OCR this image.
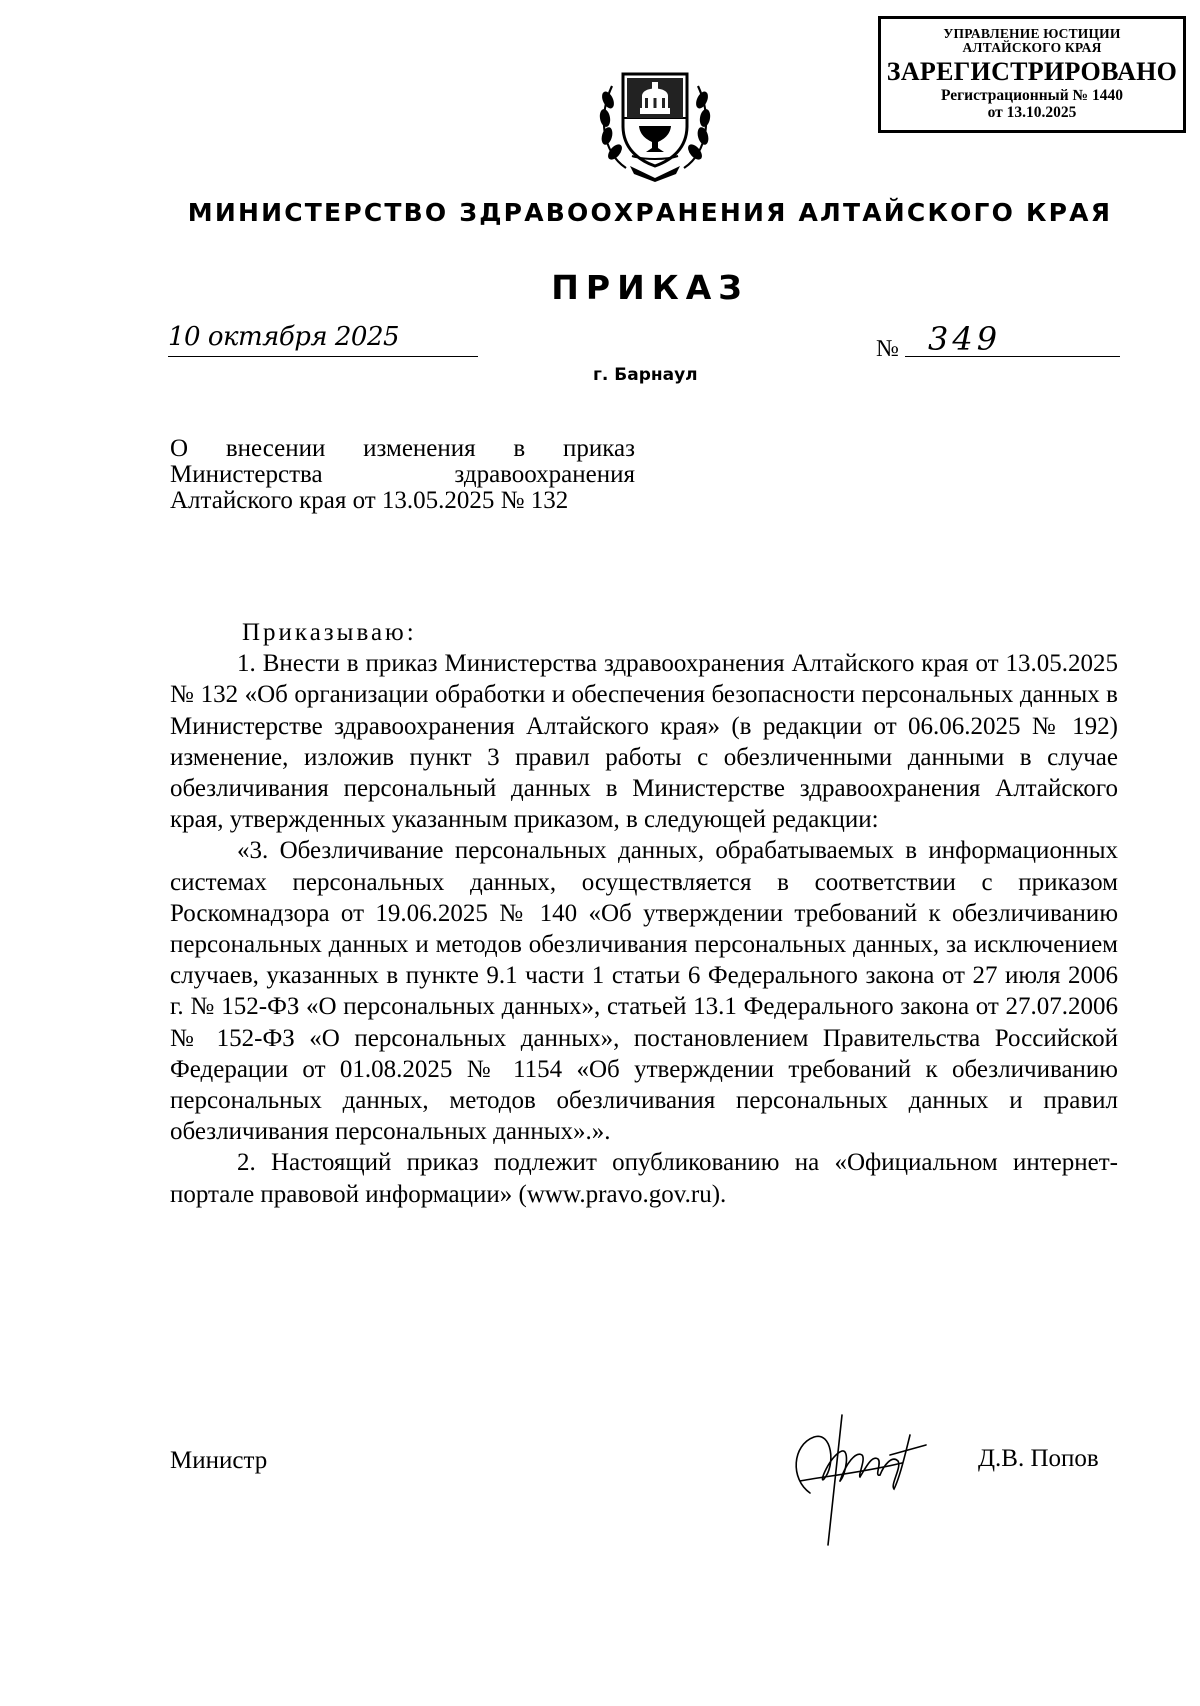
УПРАВЛЕНИЕ ЮСТИЦИИ
АЛТАЙСКОГО КРАЯ
ЗАРЕГИСТРИРОВАНО
Регистрационный № 1440
от 13.10.2025
МИНИСТЕРСТВО ЗДРАВООХРАНЕНИЯ АЛТАЙСКОГО КРАЯ
ПРИКАЗ
10 октября 2025	№ 349
г. Барнаул
О внесении изменения в приказ
Министерства здравоохранения
Алтайского края от 13.05.2025 № 132

Приказываю:

1. Внести в приказ Министерства здравоохранения Алтайского края от 13.05.2025 № 132 «Об организации обработки и обеспечения безопасности персональных данных в Министерстве здравоохранения Алтайского края» (в редакции от 06.06.2025 № 192) изменение, изложив пункт 3 правил работы с обезличенными данными в случае обезличивания персональный данных в Министерстве здравоохранения Алтайского края, утвержденных указанным приказом, в следующей редакции:

«3. Обезличивание персональных данных, обрабатываемых в информационных системах персональных данных, осуществляется в соответствии с приказом Роскомнадзора от 19.06.2025 № 140 «Об утверждении требований к обезличиванию персональных данных и методов обезличивания персональных данных, за исключением случаев, указанных в пункте 9.1 части 1 статьи 6 Федерального закона от 27 июля 2006 г. № 152-ФЗ «О персональных данных», статьей 13.1 Федерального закона от 27.07.2006 № 152-ФЗ «О персональных данных», постановлением Правительства Российской Федерации от 01.08.2025 № 1154 «Об утверждении требований к обезличиванию персональных данных, методов обезличивания персональных данных и правил обезличивания персональных данных».».

2. Настоящий приказ подлежит опубликованию на «Официальном интернет-портале правовой информации» (www.pravo.gov.ru).

Министр	Д.В. Попов
